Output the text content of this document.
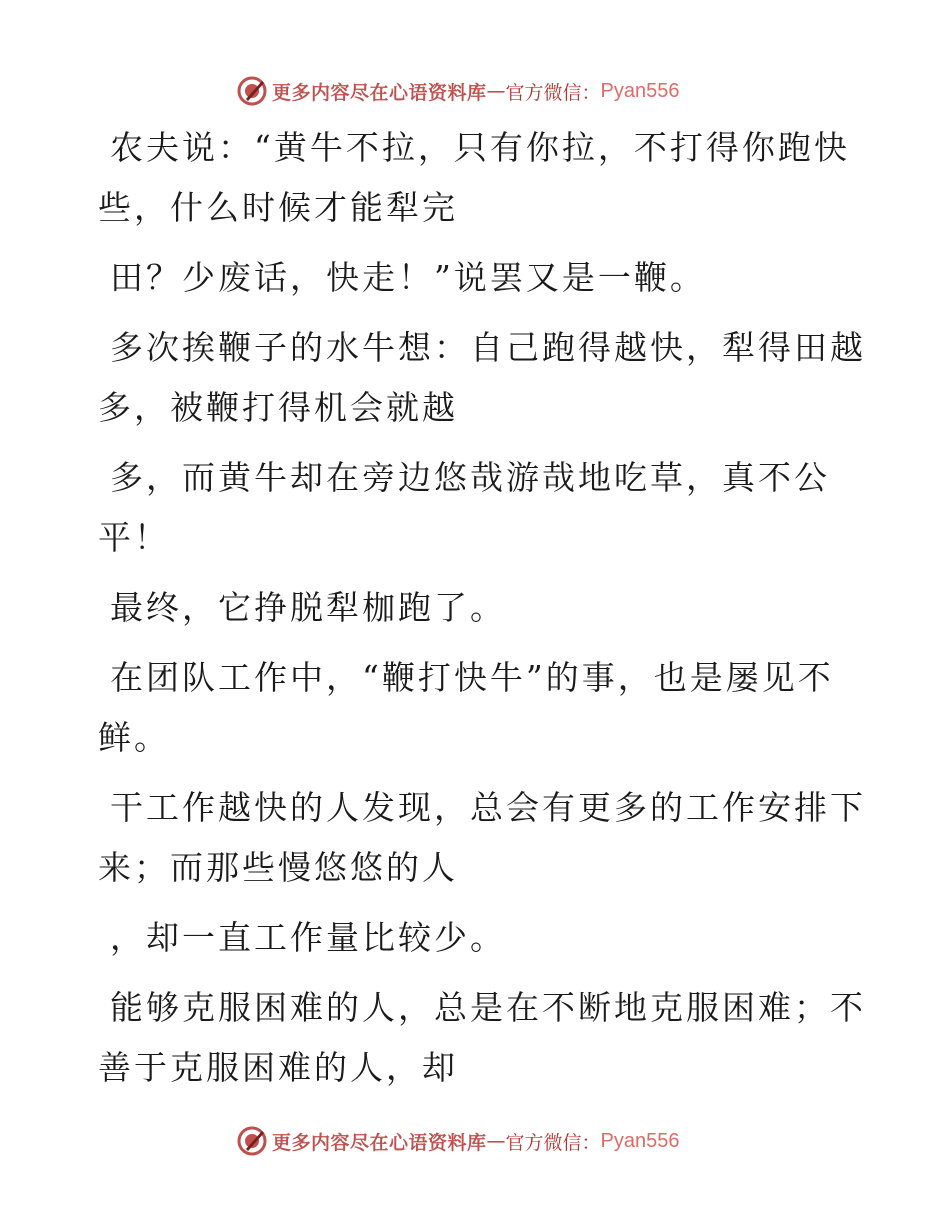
更多内容尽在心语资料库 — 官方微信： Pyan556

农夫说：“黄牛不拉，只有你拉，不打得你跑快
些，什么时候才能犁完

田？少废话，快走！”说罢又是一鞭。

多次挨鞭子的水牛想：自己跑得越快，犁得田越
多，被鞭打得机会就越

多，而黄牛却在旁边悠哉游哉地吃草，真不公
平！

最终，它挣脱犁枷跑了。

在团队工作中，“鞭打快牛”的事，也是屡见不
鲜。

干工作越快的人发现，总会有更多的工作安排下
来；而那些慢悠悠的人

，却一直工作量比较少。

能够克服困难的人，总是在不断地克服困难；不
善于克服困难的人，却

更多内容尽在心语资料库 — 官方微信： Pyan556
